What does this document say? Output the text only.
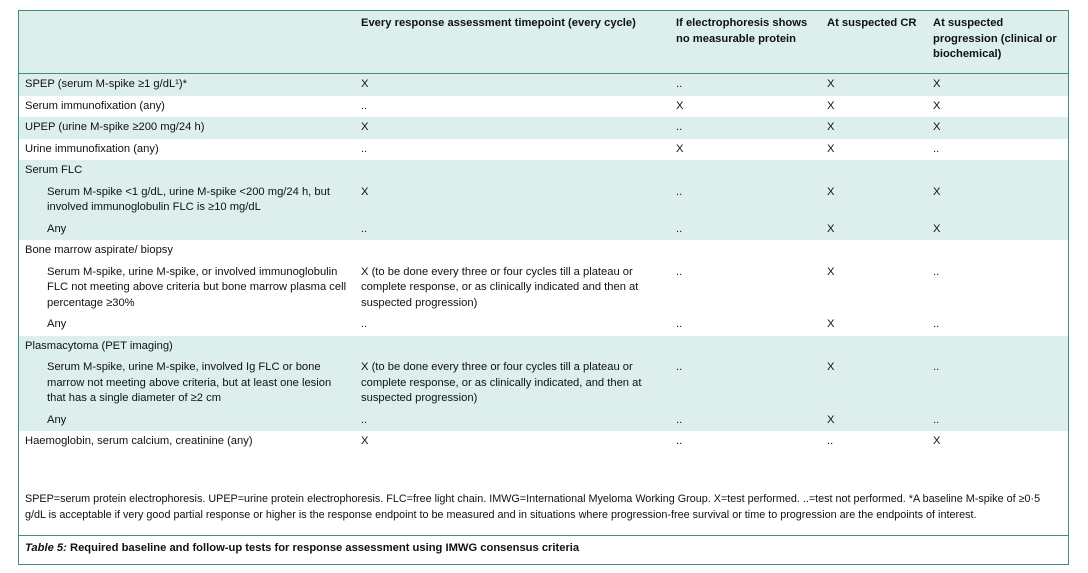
	Every response assessment timepoint (every cycle)	If electrophoresis shows no measurable protein	At suspected CR	At suspected progression (clinical or biochemical)
SPEP (serum M-spike ≥1 g/dL¹)*	X	..	X	X
Serum immunofixation (any)	..	X	X	X
UPEP (urine M-spike ≥200 mg/24 h)	X	..	X	X
Urine immunofixation (any)	..	X	X	..
Serum FLC				
Serum M-spike <1 g/dL, urine M-spike <200 mg/24 h, but involved immunoglobulin FLC is ≥10 mg/dL	X	..	X	X
Any	..	..	X	X
Bone marrow aspirate/ biopsy				
Serum M-spike, urine M-spike, or involved immunoglobulin FLC not meeting above criteria but bone marrow plasma cell percentage ≥30%	X (to be done every three or four cycles till a plateau or complete response, or as clinically indicated and then at suspected progression)	..	X	..
Any	..	..	X	..
Plasmacytoma (PET imaging)				
Serum M-spike, urine M-spike, involved Ig FLC or bone marrow not meeting above criteria, but at least one lesion that has a single diameter of ≥2 cm	X (to be done every three or four cycles till a plateau or complete response, or as clinically indicated, and then at suspected progression)	..	X	..
Any	..	..	X	..
Haemoglobin, serum calcium, creatinine (any)	X	..	..	X
SPEP=serum protein electrophoresis. UPEP=urine protein electrophoresis. FLC=free light chain. IMWG=International Myeloma Working Group. X=test performed. ..=test not performed. *A baseline M-spike of ≥0·5 g/dL is acceptable if very good partial response or higher is the response endpoint to be measured and in situations where progression-free survival or time to progression are the endpoints of interest.
Table 5: Required baseline and follow-up tests for response assessment using IMWG consensus criteria
